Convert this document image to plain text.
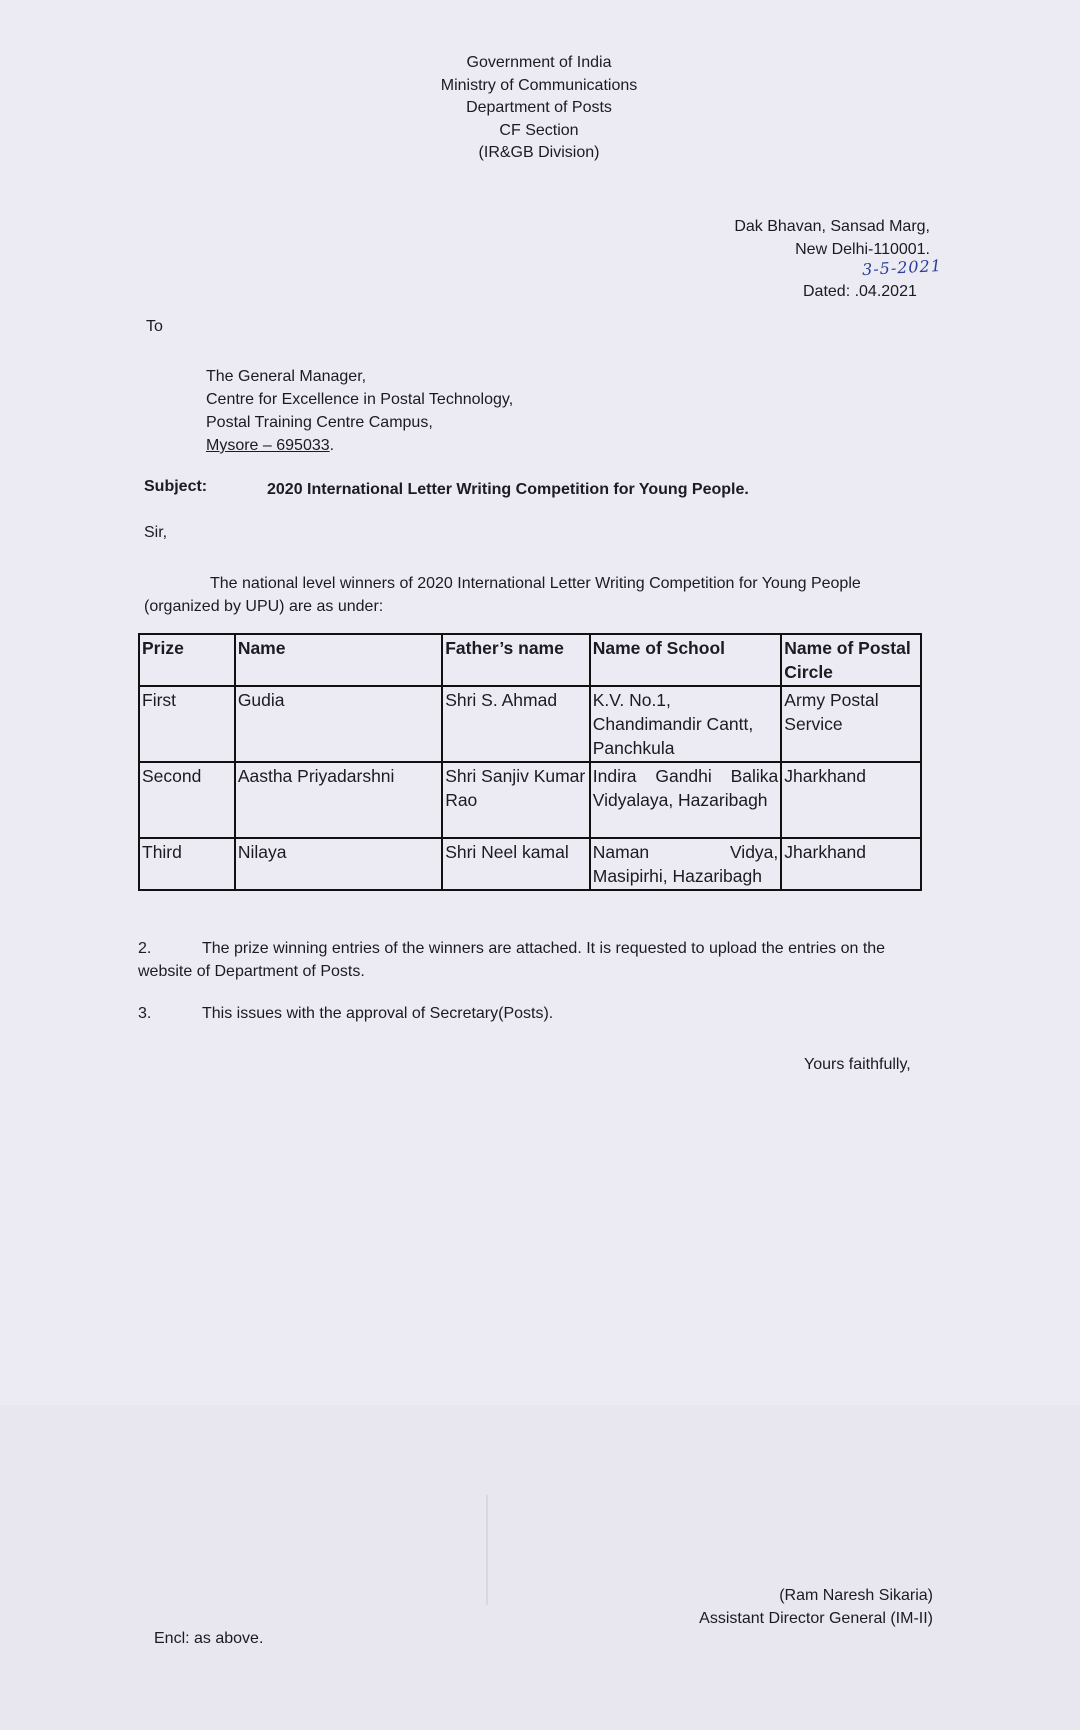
Government of India
Ministry of Communications
Department of Posts
CF Section
(IR&GB Division)
Dak Bhavan, Sansad Marg,
New Delhi-110001.
3-5-2021
Dated: .04.2021
To
The General Manager,
Centre for Excellence in Postal Technology,
Postal Training Centre Campus,
Mysore – 695033.
Subject:	2020 International Letter Writing Competition for Young People.
Sir,
The national level winners of 2020 International Letter Writing Competition for Young People (organized by UPU) are as under:
Prize	Name	Father’s name	Name of School	Name of Postal Circle
First	Gudia	Shri S. Ahmad	K.V. No.1, Chandimandir Cantt, Panchkula	Army Postal Service
Second	Aastha Priyadarshni	Shri Sanjiv Kumar Rao	Indira Gandhi Balika Vidyalaya, Hazaribagh	Jharkhand
Third	Nilaya	Shri Neel kamal	Naman Vidya, Masipirhi, Hazaribagh	Jharkhand
2.	The prize winning entries of the winners are attached. It is requested to upload the entries on the website of Department of Posts.
3.	This issues with the approval of Secretary(Posts).
Yours faithfully,
(Ram Naresh Sikaria)
Assistant Director General (IM-II)
Encl: as above.
